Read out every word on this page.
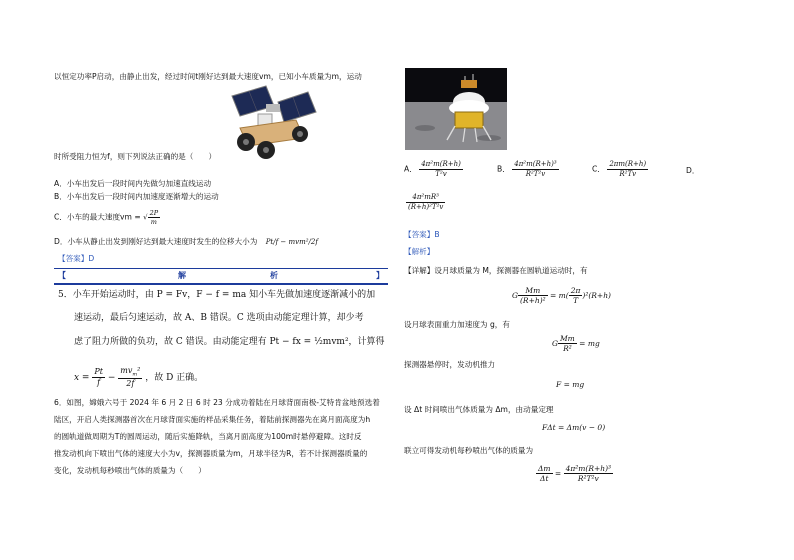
以恒定功率P启动，由静止出发，经过时间t刚好达到最大速度vm，已知小车质量为m，运动
时所受阻力恒为f，则下列说法正确的是（　　）
A．小车出发后一段时间内先做匀加速直线运动
B．小车出发后一段时间内加速度逐渐增大的运动
C．小车的最大速度vm = √ $\frac{2P}{m}$
D．小车从静止出发到刚好达到最大速度时发生的位移大小为 Pt/f − mvm²/2f
【答案】D
【	解	析	】
5．小车开始运动时，由 P = Fv，F − f = ma 知小车先做加速度逐渐减小的加
速运动，最后匀速运动，故 A、B 错误。C 选项由动能定理计算，却少考
虑了阻力所做的负功，故 C 错误。由动能定理有 Pt − fx = ½mvm²，计算得
$x = \frac{Pt}{f} - \frac{mv_m^2}{2f}$ ，故 D 正确。
6．如图，嫦娥六号于 2024 年 6 月 2 日 6 时 23 分成功着陆在月球背面南极-艾特肯盆地预选着
陆区，开启人类探测器首次在月球背面实施的样品采集任务，着陆前探测器先在离月面高度为h
的圆轨道做周期为T的圆周运动，随后实施降轨，当离月面高度为100m时悬停避障。这时反
推发动机向下喷出气体的速度大小为v，探测器质量为m，月球半径为R，若不计探测器质量的
变化，发动机每秒喷出气体的质量为（　　）
A． $\frac{\text{4π²m(R+h)}}{\text{T²v}}$	B． $\frac{\text{4π²m(R+h)³}}{\text{R²T²v}}$	C． $\frac{2\pi m(R+h)}{\text{R²Tv}}$	D．
$\frac{\text{4π²mR³}}{\text{(R+h)²T²v}}$
【答案】B
【解析】
【详解】设月球质量为 M，探测器在圆轨道运动时，有
G $\frac{Mm}{\text{(R+h)²}} = m( \frac{2\pi}{T} )^2(R+h)$
设月球表面重力加速度为 g，有
G $\frac{Mm}{\text{R²}}$ = mg
探测器悬停时，发动机推力
F = mg
设 Δt 时间喷出气体质量为 Δm，由动量定理
FΔt = Δm(v − 0)
联立可得发动机每秒喷出气体的质量为
$\frac{\Delta m}{\Delta t} = \frac{\text{4π²m(R+h)³}}{\text{R²T²v}}$
